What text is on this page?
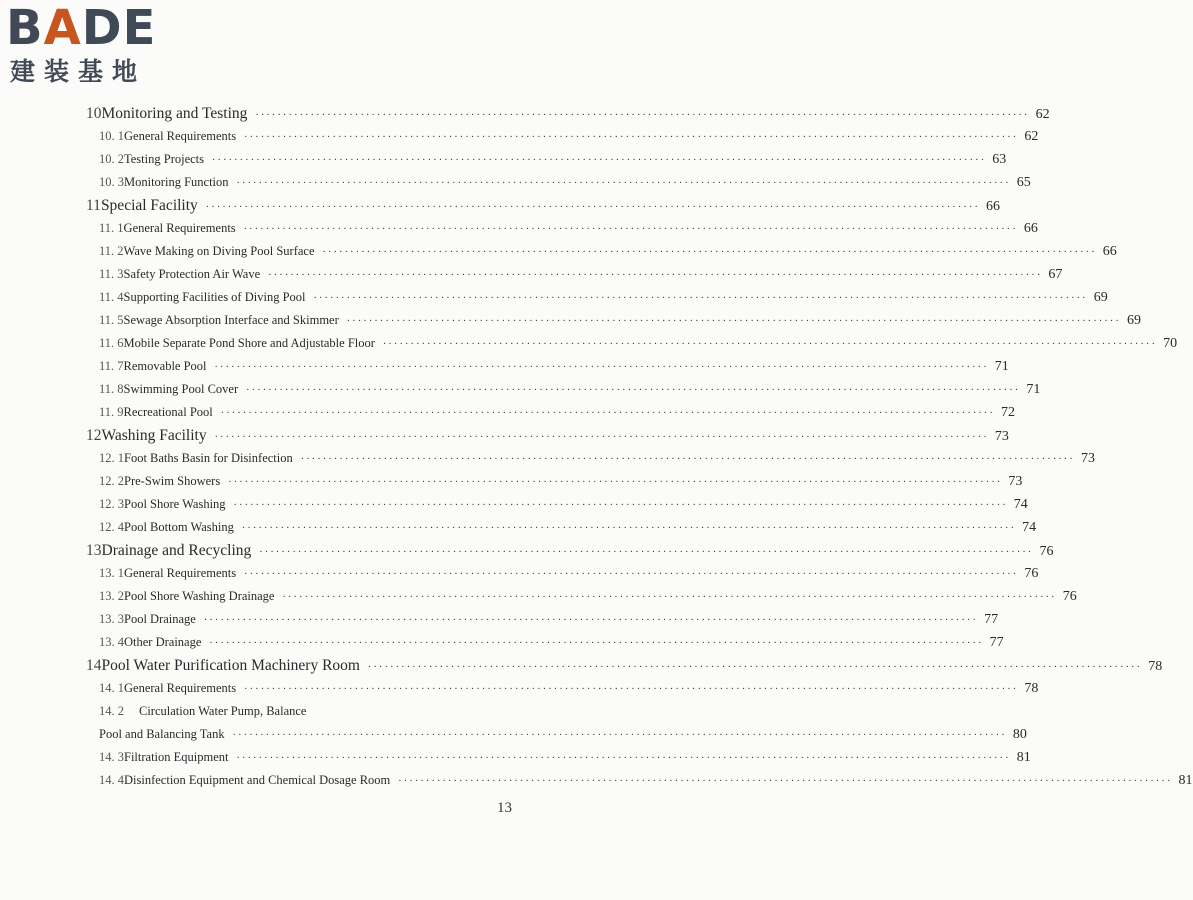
BADE
建装基地
10 Monitoring and Testing ············································································································································ 62
10. 1 General Requirements ············································································································································ 62
10. 2 Testing Projects ············································································································································ 63
10. 3 Monitoring Function ············································································································································ 65
11 Special Facility ············································································································································ 66
11. 1 General Requirements ············································································································································ 66
11. 2 Wave Making on Diving Pool Surface ············································································································································ 66
11. 3 Safety Protection Air Wave ············································································································································ 67
11. 4 Supporting Facilities of Diving Pool ············································································································································ 69
11. 5 Sewage Absorption Interface and Skimmer ············································································································································ 69
11. 6 Mobile Separate Pond Shore and Adjustable Floor ············································································································································ 70
11. 7 Removable Pool ············································································································································ 71
11. 8 Swimming Pool Cover ············································································································································ 71
11. 9 Recreational Pool ············································································································································ 72
12 Washing Facility ············································································································································ 73
12. 1 Foot Baths Basin for Disinfection ············································································································································ 73
12. 2 Pre-Swim Showers ············································································································································ 73
12. 3 Pool Shore Washing ············································································································································ 74
12. 4 Pool Bottom Washing ············································································································································ 74
13 Drainage and Recycling ············································································································································ 76
13. 1 General Requirements ············································································································································ 76
13. 2 Pool Shore Washing Drainage ············································································································································ 76
13. 3 Pool Drainage ············································································································································ 77
13. 4 Other Drainage ············································································································································ 77
14 Pool Water Purification Machinery Room ············································································································································ 78
14. 1 General Requirements ············································································································································ 78
14. 2	Circulation Water Pump, Balance
Pool and Balancing Tank ············································································································································ 80
14. 3 Filtration Equipment ············································································································································ 81
14. 4 Disinfection Equipment and Chemical Dosage Room ············································································································································ 81
13
